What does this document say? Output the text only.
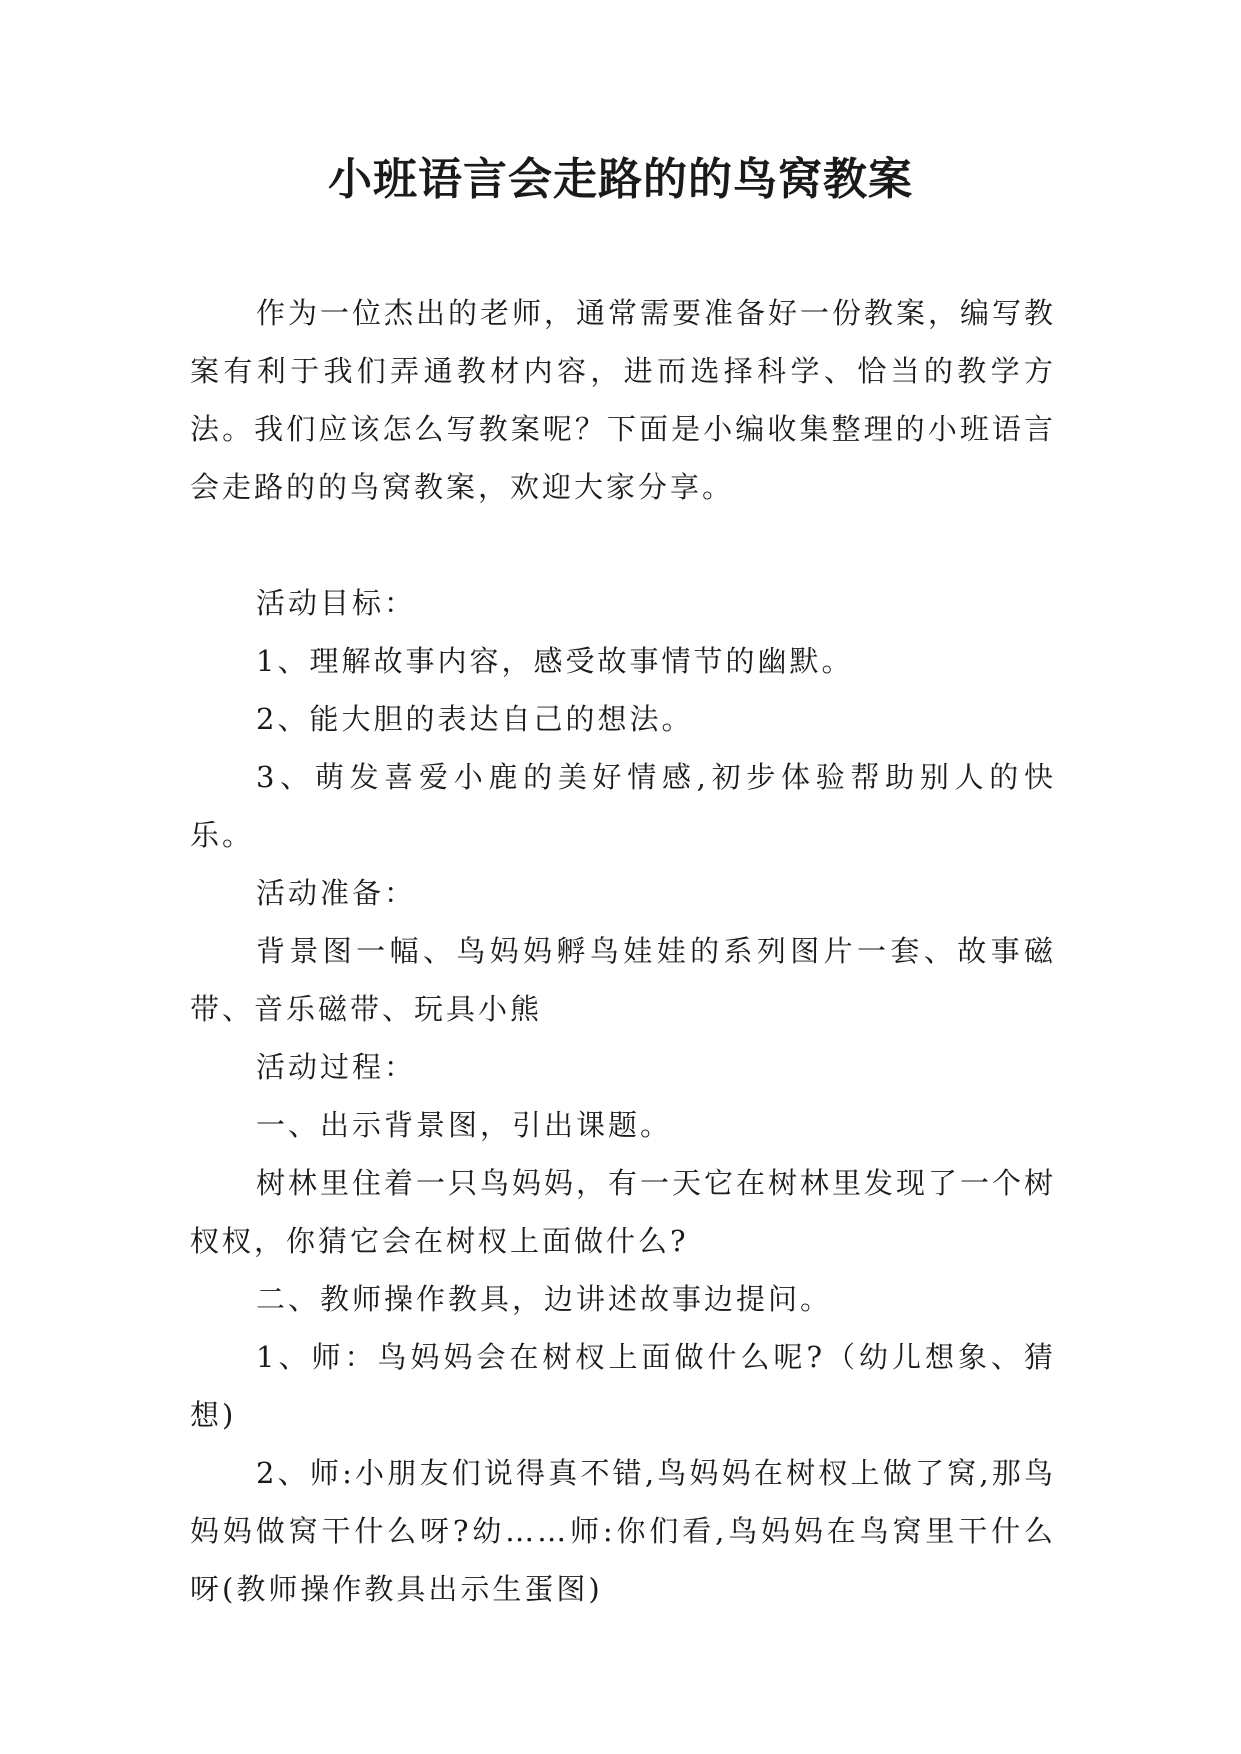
小班语言会走路的的鸟窝教案

作为一位杰出的老师，通常需要准备好一份教案，编写教案有利于我们弄通教材内容，进而选择科学、恰当的教学方法。我们应该怎么写教案呢？下面是小编收集整理的小班语言会走路的的鸟窝教案，欢迎大家分享。

活动目标：

1、理解故事内容，感受故事情节的幽默。

2、能大胆的表达自己的想法。

3、萌发喜爱小鹿的美好情感,初步体验帮助别人的快乐。

活动准备：

背景图一幅、鸟妈妈孵鸟娃娃的系列图片一套、故事磁带、音乐磁带、玩具小熊

活动过程：

一、出示背景图，引出课题。

树林里住着一只鸟妈妈，有一天它在树林里发现了一个树杈杈，你猜它会在树杈上面做什么?

二、教师操作教具，边讲述故事边提问。

1、师：鸟妈妈会在树杈上面做什么呢?（幼儿想象、猜想)

2、师:小朋友们说得真不错,鸟妈妈在树杈上做了窝,那鸟妈妈做窝干什么呀?幼……师:你们看,鸟妈妈在鸟窝里干什么呀(教师操作教具出示生蛋图)
